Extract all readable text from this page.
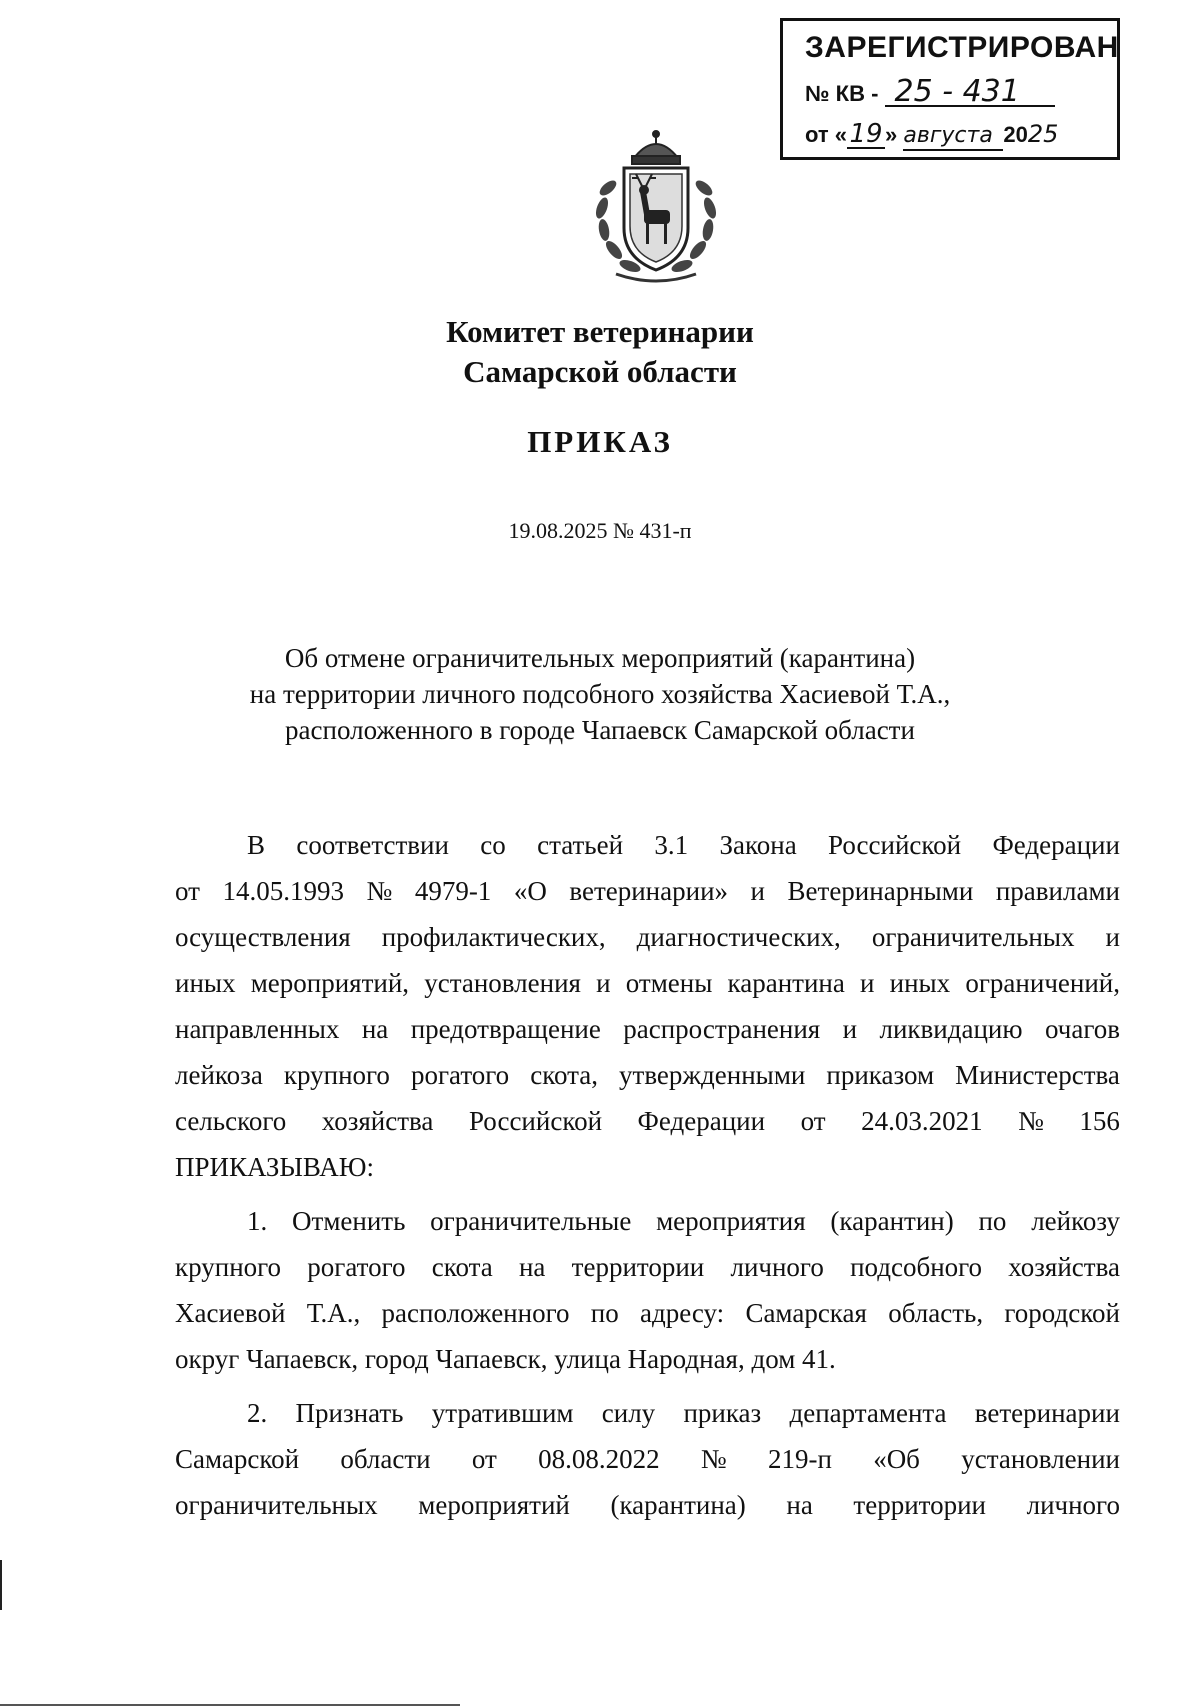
ЗАРЕГИСТРИРОВАН
№ КВ - 25 - 431
от «19 » августа 2025
Комитет ветеринарии
Самарской области
ПРИКАЗ
19.08.2025 № 431-п
Об отмене ограничительных мероприятий (карантина)
на территории личного подсобного хозяйства Хасиевой Т.А.,
расположенного в городе Чапаевск Самарской области
В соответствии со статьей 3.1 Закона Российской Федерации
от 14.05.1993 № 4979-1 «О ветеринарии» и Ветеринарными правилами
осуществления профилактических, диагностических, ограничительных и
иных мероприятий, установления и отмены карантина и иных ограничений,
направленных на предотвращение распространения и ликвидацию очагов
лейкоза крупного рогатого скота, утвержденными приказом Министерства
сельского хозяйства Российской Федерации от 24.03.2021 № 156
ПРИКАЗЫВАЮ:
1. Отменить ограничительные мероприятия (карантин) по лейкозу
крупного рогатого скота на территории личного подсобного хозяйства
Хасиевой Т.А., расположенного по адресу: Самарская область, городской
округ Чапаевск, город Чапаевск, улица Народная, дом 41.
2. Признать утратившим силу приказ департамента ветеринарии
Самарской области от 08.08.2022 № 219-п «Об установлении
ограничительных мероприятий (карантина) на территории личного
